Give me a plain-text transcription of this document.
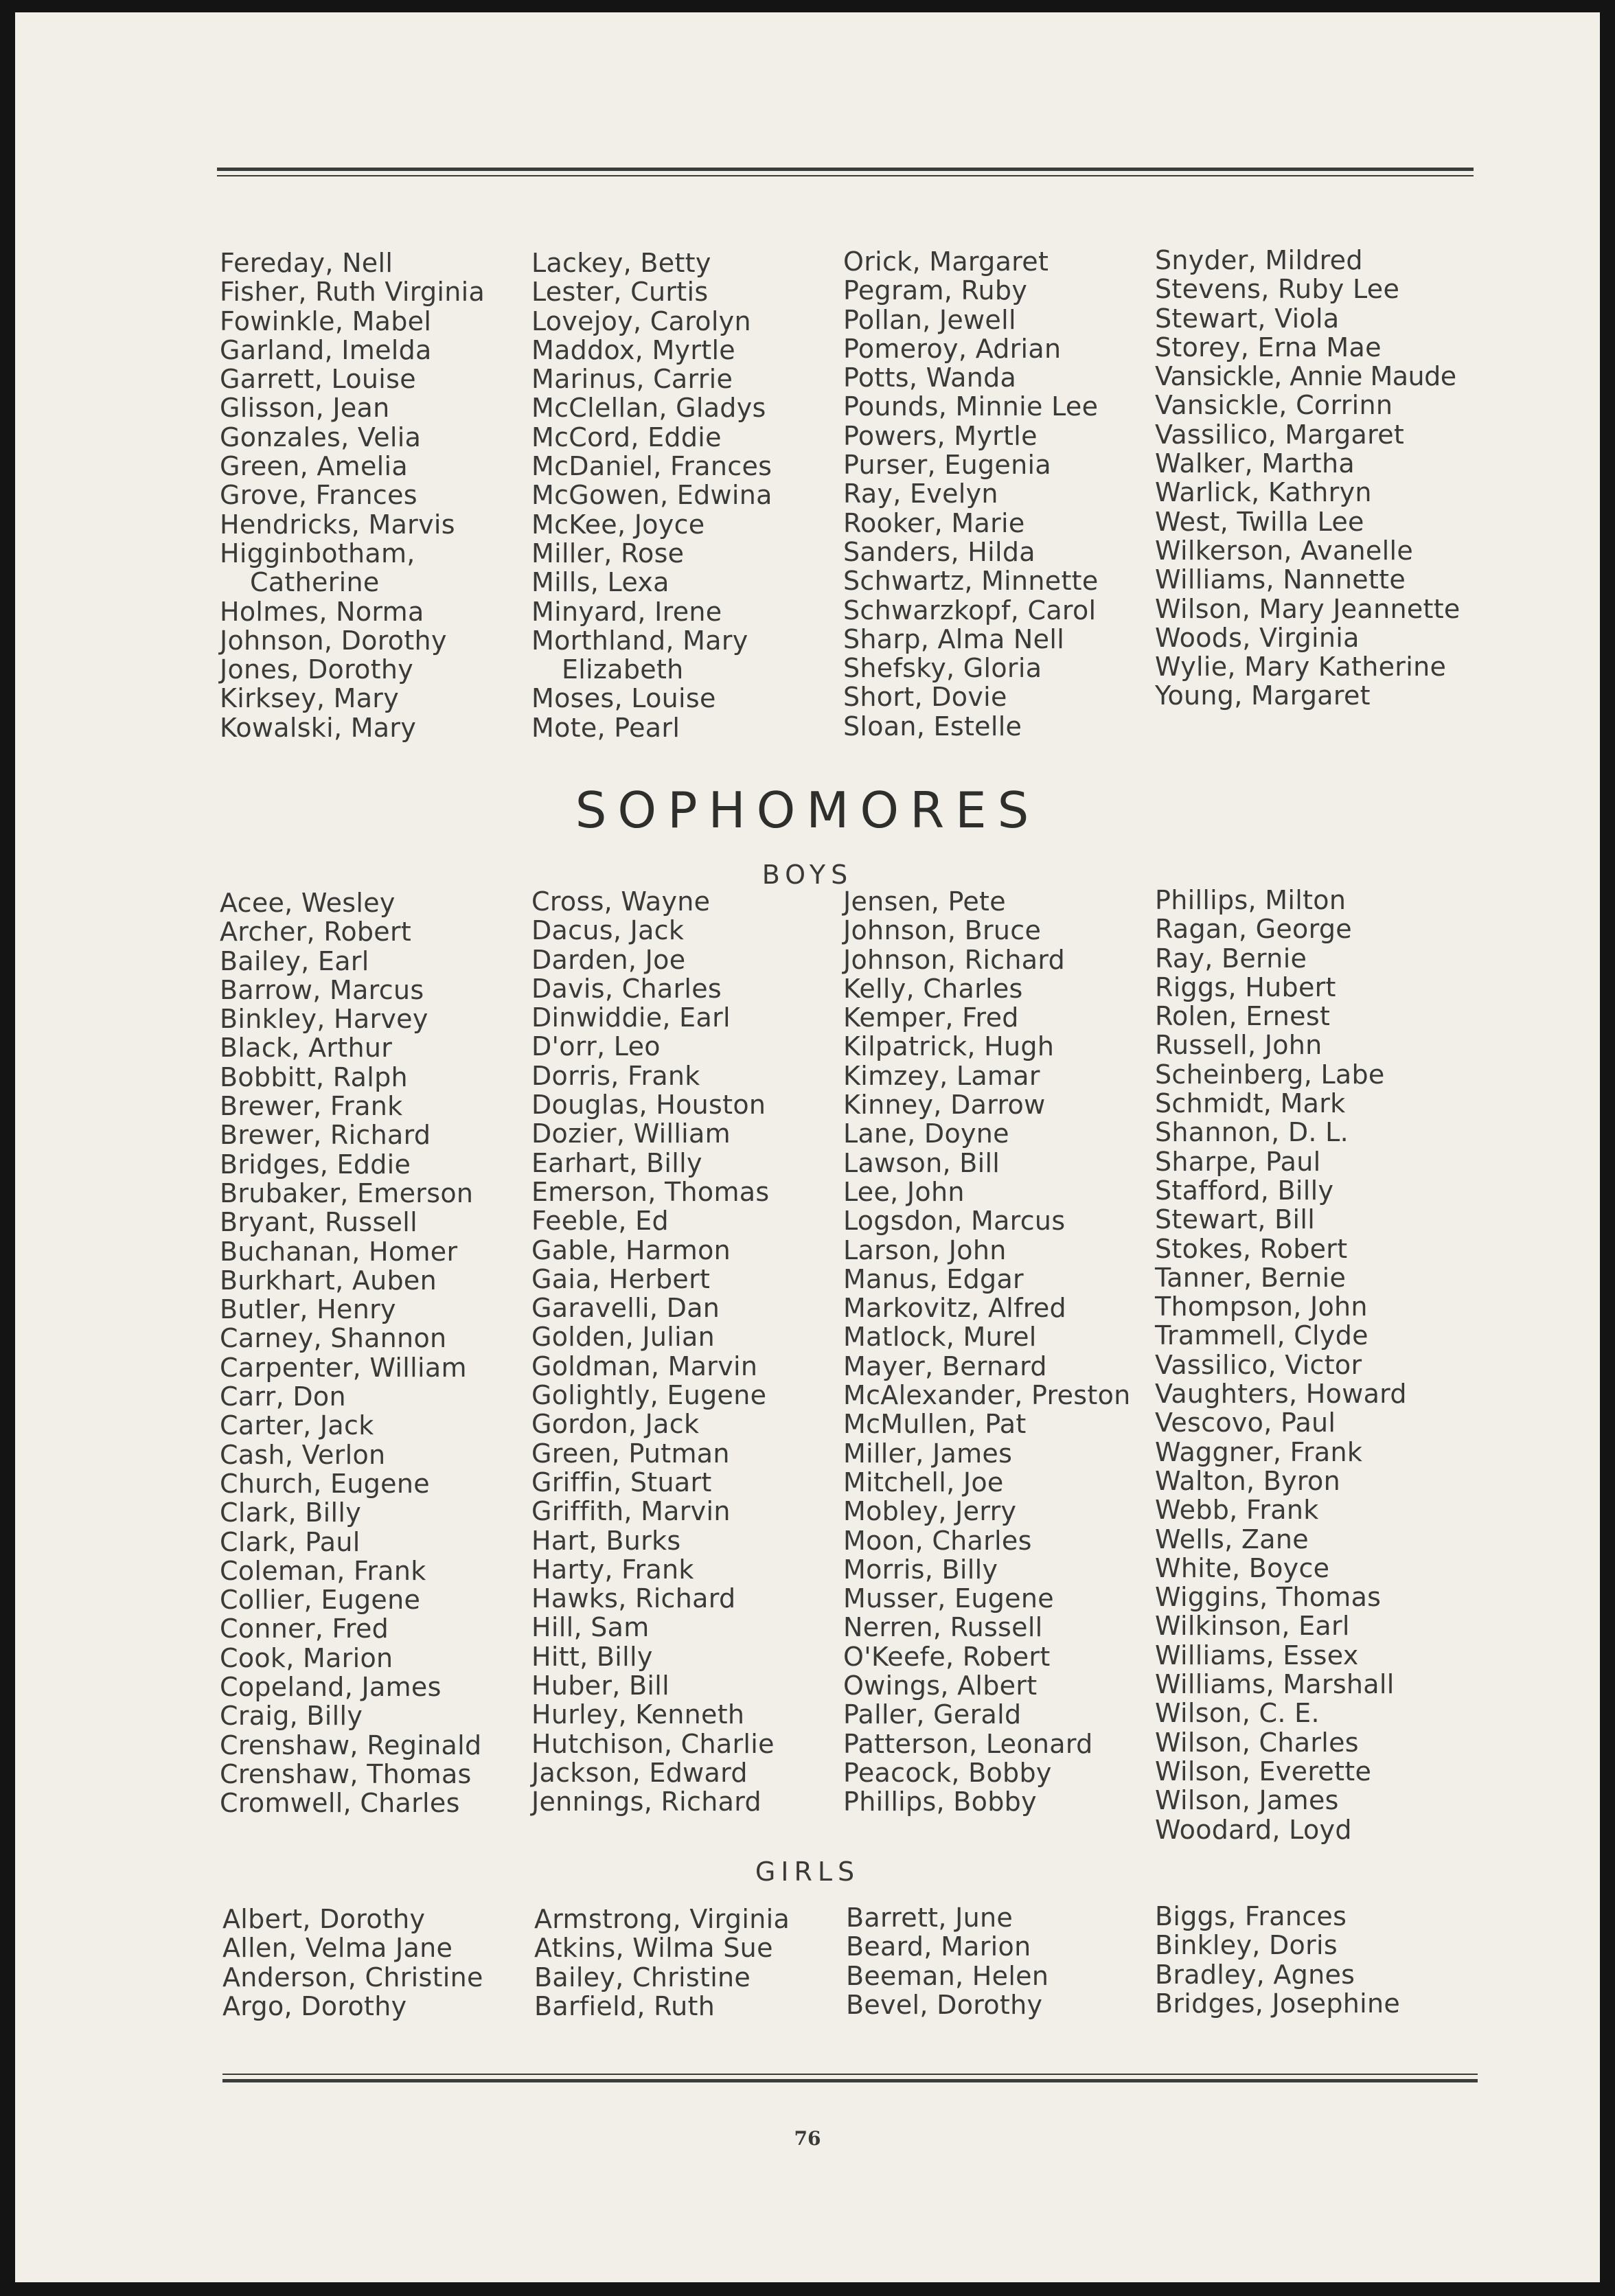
Fereday, Nell
Fisher, Ruth Virginia
Fowinkle, Mabel
Garland, Imelda
Garrett, Louise
Glisson, Jean
Gonzales, Velia
Green, Amelia
Grove, Frances
Hendricks, Marvis
Higginbotham,
Catherine
Holmes, Norma
Johnson, Dorothy
Jones, Dorothy
Kirksey, Mary
Kowalski, Mary
Lackey, Betty
Lester, Curtis
Lovejoy, Carolyn
Maddox, Myrtle
Marinus, Carrie
McClellan, Gladys
McCord, Eddie
McDaniel, Frances
McGowen, Edwina
McKee, Joyce
Miller, Rose
Mills, Lexa
Minyard, Irene
Morthland, Mary
Elizabeth
Moses, Louise
Mote, Pearl
Orick, Margaret
Pegram, Ruby
Pollan, Jewell
Pomeroy, Adrian
Potts, Wanda
Pounds, Minnie Lee
Powers, Myrtle
Purser, Eugenia
Ray, Evelyn
Rooker, Marie
Sanders, Hilda
Schwartz, Minnette
Schwarzkopf, Carol
Sharp, Alma Nell
Shefsky, Gloria
Short, Dovie
Sloan, Estelle
Snyder, Mildred
Stevens, Ruby Lee
Stewart, Viola
Storey, Erna Mae
Vansickle, Annie Maude
Vansickle, Corrinn
Vassilico, Margaret
Walker, Martha
Warlick, Kathryn
West, Twilla Lee
Wilkerson, Avanelle
Williams, Nannette
Wilson, Mary Jeannette
Woods, Virginia
Wylie, Mary Katherine
Young, Margaret
SOPHOMORES
BOYS
Acee, Wesley
Archer, Robert
Bailey, Earl
Barrow, Marcus
Binkley, Harvey
Black, Arthur
Bobbitt, Ralph
Brewer, Frank
Brewer, Richard
Bridges, Eddie
Brubaker, Emerson
Bryant, Russell
Buchanan, Homer
Burkhart, Auben
Butler, Henry
Carney, Shannon
Carpenter, William
Carr, Don
Carter, Jack
Cash, Verlon
Church, Eugene
Clark, Billy
Clark, Paul
Coleman, Frank
Collier, Eugene
Conner, Fred
Cook, Marion
Copeland, James
Craig, Billy
Crenshaw, Reginald
Crenshaw, Thomas
Cromwell, Charles
Cross, Wayne
Dacus, Jack
Darden, Joe
Davis, Charles
Dinwiddie, Earl
D'orr, Leo
Dorris, Frank
Douglas, Houston
Dozier, William
Earhart, Billy
Emerson, Thomas
Feeble, Ed
Gable, Harmon
Gaia, Herbert
Garavelli, Dan
Golden, Julian
Goldman, Marvin
Golightly, Eugene
Gordon, Jack
Green, Putman
Griffin, Stuart
Griffith, Marvin
Hart, Burks
Harty, Frank
Hawks, Richard
Hill, Sam
Hitt, Billy
Huber, Bill
Hurley, Kenneth
Hutchison, Charlie
Jackson, Edward
Jennings, Richard
Jensen, Pete
Johnson, Bruce
Johnson, Richard
Kelly, Charles
Kemper, Fred
Kilpatrick, Hugh
Kimzey, Lamar
Kinney, Darrow
Lane, Doyne
Lawson, Bill
Lee, John
Logsdon, Marcus
Larson, John
Manus, Edgar
Markovitz, Alfred
Matlock, Murel
Mayer, Bernard
McAlexander, Preston
McMullen, Pat
Miller, James
Mitchell, Joe
Mobley, Jerry
Moon, Charles
Morris, Billy
Musser, Eugene
Nerren, Russell
O'Keefe, Robert
Owings, Albert
Paller, Gerald
Patterson, Leonard
Peacock, Bobby
Phillips, Bobby
Phillips, Milton
Ragan, George
Ray, Bernie
Riggs, Hubert
Rolen, Ernest
Russell, John
Scheinberg, Labe
Schmidt, Mark
Shannon, D. L.
Sharpe, Paul
Stafford, Billy
Stewart, Bill
Stokes, Robert
Tanner, Bernie
Thompson, John
Trammell, Clyde
Vassilico, Victor
Vaughters, Howard
Vescovo, Paul
Waggner, Frank
Walton, Byron
Webb, Frank
Wells, Zane
White, Boyce
Wiggins, Thomas
Wilkinson, Earl
Williams, Essex
Williams, Marshall
Wilson, C. E.
Wilson, Charles
Wilson, Everette
Wilson, James
Woodard, Loyd
GIRLS
Albert, Dorothy
Allen, Velma Jane
Anderson, Christine
Argo, Dorothy
Armstrong, Virginia
Atkins, Wilma Sue
Bailey, Christine
Barfield, Ruth
Barrett, June
Beard, Marion
Beeman, Helen
Bevel, Dorothy
Biggs, Frances
Binkley, Doris
Bradley, Agnes
Bridges, Josephine
76
